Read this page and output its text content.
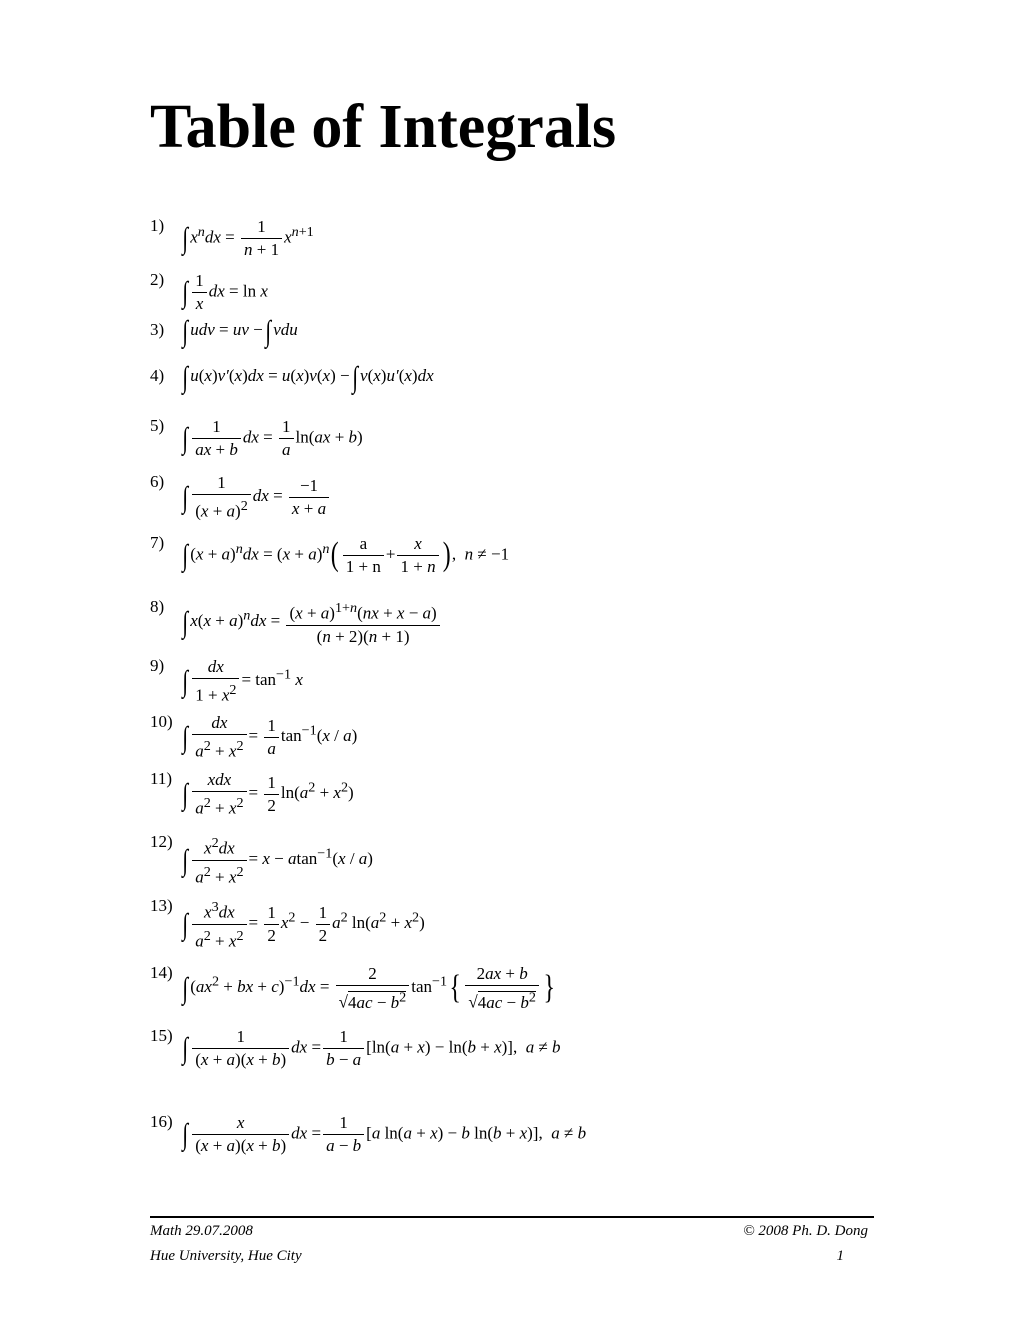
Table of Integrals
1) ∫ $x^ndx = \frac{1}{n + 1} x^{n+1}$
2) ∫ $\frac{1}{x}$ dx = ln x
3) ∫ udv = uv − ∫ vdu
4) ∫ u(x)v′(x)dx = u(x)v(x) − ∫ v(x)u′(x)dx
5) ∫ $\frac{1}{ax + b}$ dx = $\frac{1}{a} \ln(ax + b)$
6) ∫ $\frac{1}{(x + a)^2}$ dx = $\frac{-1}{x + a}$
7) ∫ $(x + a)^ndx = (x + a)^n( \frac{a}{1 + n} + \frac{x}{1 + n}$ ),  n ≠ −1
8) ∫ $x(x + a)^ndx = \frac{(x + a)^{1+n}(nx + x - a)}{(n + 2)(n + 1)}$
9) ∫ $\frac{dx}{1 + x^2} = \tan^{-1} x$
10) ∫ $\frac{dx}{a^2 + x^2} = \frac{1}{a} \tan^{-1}(x / a)$
11) ∫ $\frac{\text{xdx}}{a^2 + x^2} = \frac{1}{2} \ln(a^2 + x^2)$
12)
∫ $\frac{x^2dx}{a^2 + x^2} = x - atan^{-1}(x / a)$
13)
∫ $\frac{x^3dx}{a^2 + x^2} = \frac{1}{2} x^2 - \frac{1}{2} a^2$ $\ln(a^2 + x^2)$
14) ∫ ($ax^2$ + bx + $c)^{-1}dx = \frac{2}{√4ac - b^2} \tan^{-1}\{ \frac{2ax + b}{√4ac - b^2}$ }
15) ∫ $\frac{1}{(x + a)(x + b)}$ dx = $\frac{1}{b - a} [\ln(a + x) - \ln(b + x)]$,  a ≠ b
16) ∫ $\frac{x}{(x + a)(x + b)}$ dx = $\frac{1}{a - b} [a$ ln(a + x) − b ln(b + x)],  a ≠ b
Math 29.07.2008
Hue University, Hue City
© 2008 Ph. D. Dong
1
